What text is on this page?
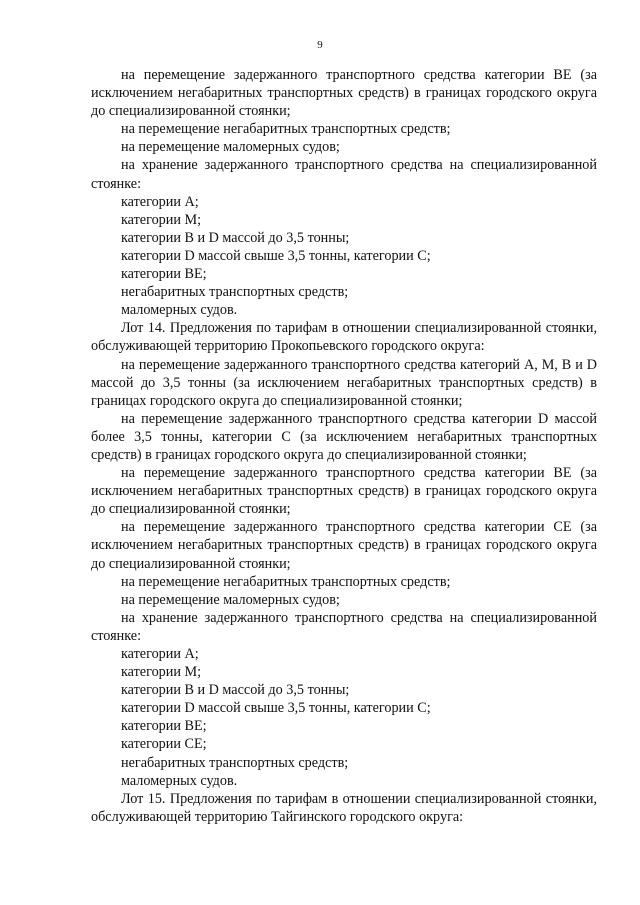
9

на перемещение задержанного транспортного средства категории BE (за исключением негабаритных транспортных средств) в границах городского округа до специализированной стоянки;

на перемещение негабаритных транспортных средств;

на перемещение маломерных судов;

на хранение задержанного транспортного средства на специализированной стоянке:

категории A;

категории M;

категории B и D массой до 3,5 тонны;

категории D массой свыше 3,5 тонны, категории C;

категории BE;

негабаритных транспортных средств;

маломерных судов.

Лот 14. Предложения по тарифам в отношении специализированной стоянки, обслуживающей территорию Прокопьевского городского округа:

на перемещение задержанного транспортного средства категорий A, M, B и D массой до 3,5 тонны (за исключением негабаритных транспортных средств) в границах городского округа до специализированной стоянки;

на перемещение задержанного транспортного средства категории D массой более 3,5 тонны, категории C (за исключением негабаритных транспортных средств) в границах городского округа до специализированной стоянки;

на перемещение задержанного транспортного средства категории BE (за исключением негабаритных транспортных средств) в границах городского округа до специализированной стоянки;

на перемещение задержанного транспортного средства категории CE (за исключением негабаритных транспортных средств) в границах городского округа до специализированной стоянки;

на перемещение негабаритных транспортных средств;

на перемещение маломерных судов;

на хранение задержанного транспортного средства на специализированной стоянке:

категории A;

категории M;

категории B и D массой до 3,5 тонны;

категории D массой свыше 3,5 тонны, категории C;

категории BE;

категории CE;

негабаритных транспортных средств;

маломерных судов.

Лот 15. Предложения по тарифам в отношении специализированной стоянки, обслуживающей территорию Тайгинского городского округа:
